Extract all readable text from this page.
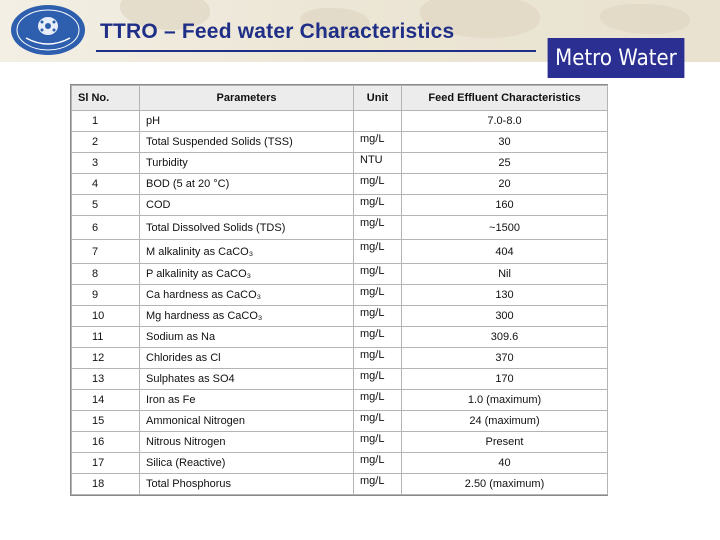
TTRO – Feed water Characteristics
Metro Water
Sl No.	Parameters	Unit	Feed Effluent Characteristics
1	pH		7.0-8.0
2	Total Suspended Solids (TSS)	mg/L	30
3	Turbidity	NTU	25
4	BOD (5 at 20 °C)	mg/L	20
5	COD	mg/L	160
6	Total Dissolved Solids (TDS)	mg/L	~1500
7	M alkalinity as CaCO₃	mg/L	404
8	P alkalinity as CaCO₃	mg/L	Nil
9	Ca hardness as CaCO₃	mg/L	130
10	Mg hardness as CaCO₃	mg/L	300
11	Sodium as Na	mg/L	309.6
12	Chlorides as Cl	mg/L	370
13	Sulphates as SO4	mg/L	170
14	Iron as Fe	mg/L	1.0 (maximum)
15	Ammonical Nitrogen	mg/L	24 (maximum)
16	Nitrous Nitrogen	mg/L	Present
17	Silica (Reactive)	mg/L	40
18	Total Phosphorus	mg/L	2.50 (maximum)
